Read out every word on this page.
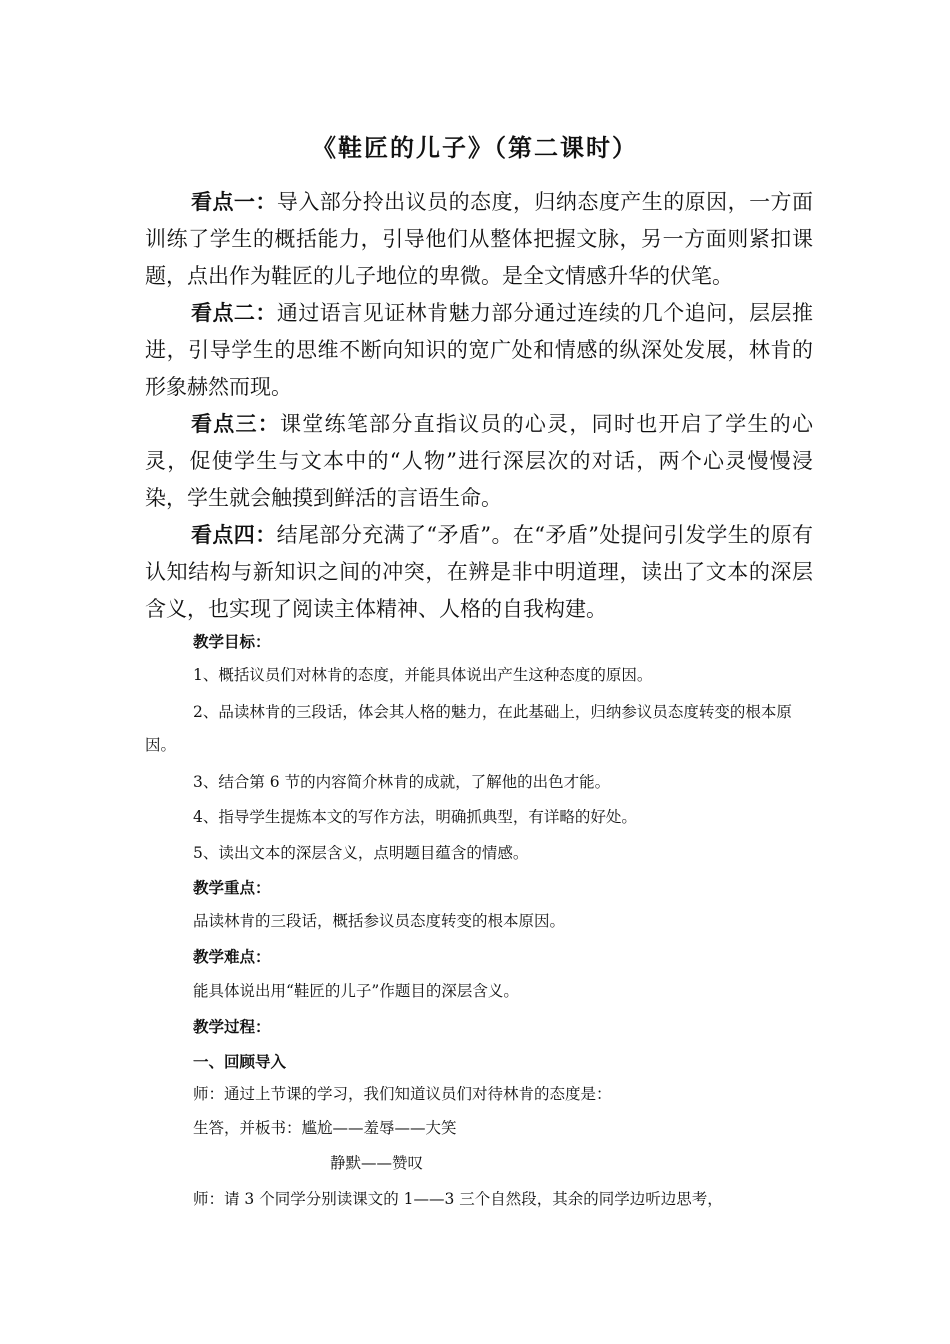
《鞋匠的儿子》（第二课时）
看点一：导入部分拎出议员的态度，归纳态度产生的原因，一方面训练了学生的概括能力，引导他们从整体把握文脉，另一方面则紧扣课题，点出作为鞋匠的儿子地位的卑微。是全文情感升华的伏笔。
看点二：通过语言见证林肯魅力部分通过连续的几个追问，层层推进，引导学生的思维不断向知识的宽广处和情感的纵深处发展，林肯的形象赫然而现。
看点三：课堂练笔部分直指议员的心灵，同时也开启了学生的心灵，促使学生与文本中的“人物”进行深层次的对话，两个心灵慢慢浸染，学生就会触摸到鲜活的言语生命。
看点四：结尾部分充满了“矛盾”。在“矛盾”处提问引发学生的原有认知结构与新知识之间的冲突，在辨是非中明道理，读出了文本的深层含义，也实现了阅读主体精神、人格的自我构建。
教学目标：
1、概括议员们对林肯的态度，并能具体说出产生这种态度的原因。
2、品读林肯的三段话，体会其人格的魅力，在此基础上，归纳参议员态度转变的根本原因。
3、结合第 6 节的内容简介林肯的成就，了解他的出色才能。
4、指导学生提炼本文的写作方法，明确抓典型，有详略的好处。
5、读出文本的深层含义，点明题目蕴含的情感。
教学重点：
品读林肯的三段话，概括参议员态度转变的根本原因。
教学难点：
能具体说出用“鞋匠的儿子”作题目的深层含义。
教学过程：
一、回顾导入
师：通过上节课的学习，我们知道议员们对待林肯的态度是：
生答，并板书：尴尬——羞辱——大笑
静默——赞叹
师：请 3 个同学分别读课文的 1——3 三个自然段，其余的同学边听边思考，
